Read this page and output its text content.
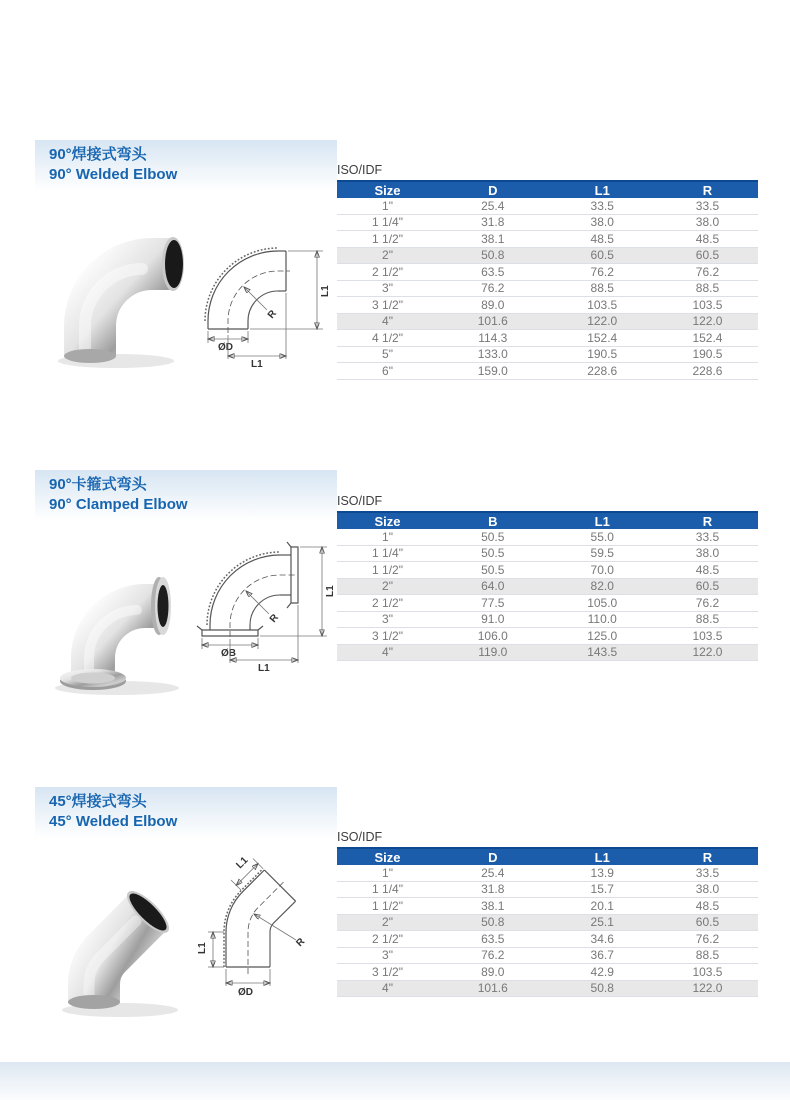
90°焊接式弯头
90° Welded Elbow
R
L1
ØD
L1
ISO/IDF
Size	D	L1	R
1"	25.4	33.5	33.5
1 1/4"	31.8	38.0	38.0
1 1/2"	38.1	48.5	48.5
2"	50.8	60.5	60.5
2 1/2"	63.5	76.2	76.2
3"	76.2	88.5	88.5
3 1/2"	89.0	103.5	103.5
4"	101.6	122.0	122.0
4 1/2"	114.3	152.4	152.4
5"	133.0	190.5	190.5
6"	159.0	228.6	228.6
90°卡箍式弯头
90° Clamped Elbow
R
L1
ØB
L1
ISO/IDF
Size	B	L1	R
1"	50.5	55.0	33.5
1 1/4"	50.5	59.5	38.0
1 1/2"	50.5	70.0	48.5
2"	64.0	82.0	60.5
2 1/2"	77.5	105.0	76.2
3"	91.0	110.0	88.5
3 1/2"	106.0	125.0	103.5
4"	119.0	143.5	122.0
45°焊接式弯头
45° Welded Elbow
L1
L1
ØD
R
ISO/IDF
Size	D	L1	R
1"	25.4	13.9	33.5
1 1/4"	31.8	15.7	38.0
1 1/2"	38.1	20.1	48.5
2"	50.8	25.1	60.5
2 1/2"	63.5	34.6	76.2
3"	76.2	36.7	88.5
3 1/2"	89.0	42.9	103.5
4"	101.6	50.8	122.0
